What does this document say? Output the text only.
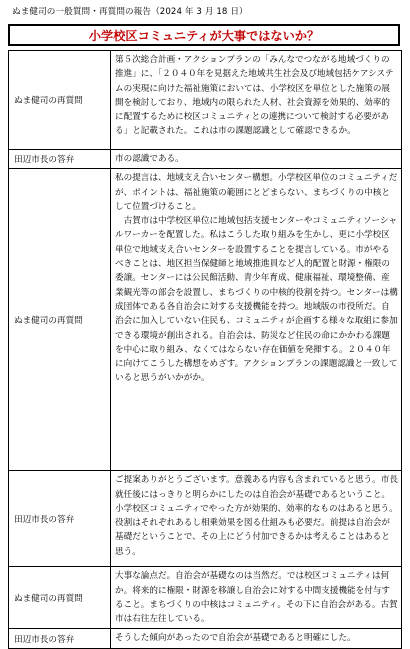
ぬま健司の一般質問・再質問の報告（2024 年 3 月 18 日）
小学校区コミュニティが大事ではないか？
ぬま健司の再質問	第５次総合計画・アクションプランの「みんなでつながる地域づくりの推進」に、「２０４０年を見据えた地域共生社会及び地域包括ケアシステムの実現に向けた福祉施策においては、小学校区を単位とした施策の展開を検討しており、地域内の限られた人材、社会資源を効果的、効率的に配置するために校区コミュニティとの連携について検討する必要がある」と記載された。これは市の課題認識として確認できるか。

田辺市長の答弁	市の認識である。

ぬま健司の再質問	私の提言は、地域支え合いセンター構想。小学校区単位のコミュニティだが、ポイントは、福祉施策の範囲にとどまらない、まちづくりの中核として位置づけること。

古賀市は中学校区単位に地域包括支援センターやコミュニティソーシャルワーカーを配置した。私はこうした取り組みを生かし、更に小学校区単位で地域支え合いセンターを設置することを提言している。市がやるべきことは、地区担当保健師と地域推進員など人的配置と財源・権限の委譲。センターには公民館活動、青少年育成、健康福祉、環境整備、産業観光等の部会を設置し、まちづくりの中核的役割を持つ。センターは構成団体である各自治会に対する支援機能を持つ。地域版の市役所だ。自治会に加入していない住民も、コミュニティが企画する様々な取組に参加できる環境が創出される。自治会は、防災など住民の命にかかわる課題を中心に取り組み、なくてはならない存在価値を発揮する。２０４０年に向けてこうした構想をめざす。アクションプランの課題認識と一致していると思うがいかがか。

田辺市長の答弁	ご提案ありがとうございます。意義ある内容も含まれていると思う。市長就任後にはっきりと明らかにしたのは自治会が基礎であるということ。小学校区コミュニティでやった方が効果的、効率的なものはあると思う。役割はそれぞれあるし相乗効果を図る仕組みも必要だ。前提は自治会が基礎だということで、その上にどう付加できるかは考えることはあると思う。

ぬま健司の再質問	大事な論点だ。自治会が基礎なのは当然だ。では校区コミュニティは何か。将来的に権限・財源を移譲し自治会に対する中間支援機能を付与すること。まちづくりの中核はコミュニティ。その下に自治会がある。古賀市は右往左往している。

田辺市長の答弁	そうした傾向があったので自治会が基礎であると明確にした。
